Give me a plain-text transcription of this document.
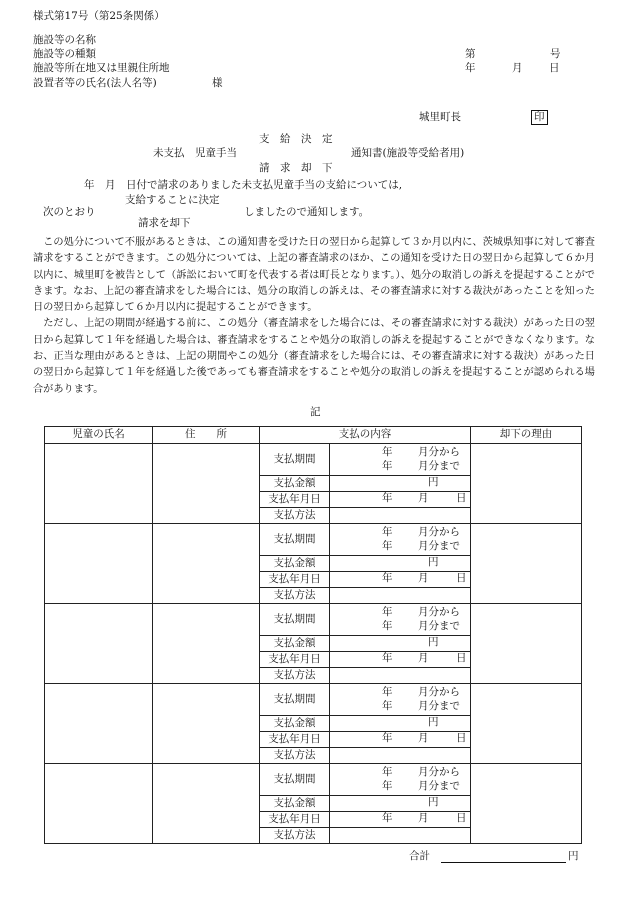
様式第17号（第25条関係）
施設等の名称
施設等の種類
施設等所在地又は里親住所地
設置者等の氏名(法人名等)	様
第	号
年	月	日
城里町長	印
支　給　決　定
未支払　児童手当	通知書(施設等受給者用)
請　求　却　下
年　月　日付で請求のありました未支払児童手当の支給については,
支給することに決定
次のとおり	しましたので通知します。
請求を却下

この処分について不服があるときは、この通知書を受けた日の翌日から起算して３か月以内に、茨城県知事に対して審査請求をすることができます。この処分については、上記の審査請求のほか、この通知を受けた日の翌日から起算して６か月以内に、城里町を被告として（訴訟において町を代表する者は町長となります。）、処分の取消しの訴えを提起することができます。なお、上記の審査請求をした場合には、処分の取消しの訴えは、その審査請求に対する裁決があったことを知った日の翌日から起算して６か月以内に提起することができます。

ただし、上記の期間が経過する前に、この処分（審査請求をした場合には、その審査請求に対する裁決）があった日の翌日から起算して１年を経過した場合は、審査請求をすることや処分の取消しの訴えを提起することができなくなります。なお、正当な理由があるときは、上記の期間やこの処分（審査請求をした場合には、その審査請求に対する裁決）があった日の翌日から起算して１年を経過した後であっても審査請求をすることや処分の取消しの訴えを提起することが認められる場合があります。

記
児童の氏名	住　　所	支払の内容		却下の理由
		支払期間	年 月分から
年 月分まで	

		支払金額	円	

		支払年月日	年 月 日	

		支払方法		
		支払期間	年 月分から
年 月分まで	

		支払金額	円	

		支払年月日	年 月 日	

		支払方法		
		支払期間	年 月分から
年 月分まで	

		支払金額	円	

		支払年月日	年 月 日	

		支払方法		
		支払期間	年 月分から
年 月分まで	

		支払金額	円	

		支払年月日	年 月 日	

		支払方法		
		支払期間	年 月分から
年 月分まで	

		支払金額	円	

		支払年月日	年 月 日	

		支払方法		
合計	円
